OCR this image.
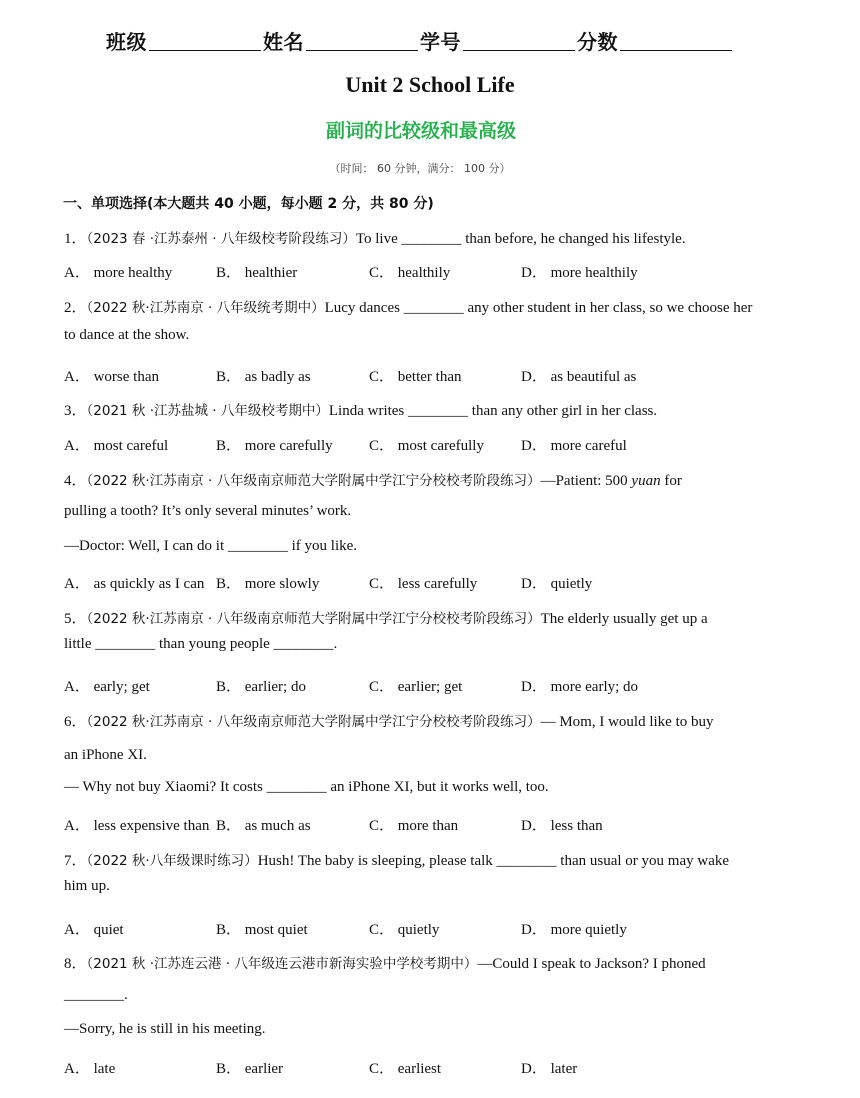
班级	姓名	学号	分数
Unit 2 School Life
副词的比较级和最高级
（时间： 60 分钟，满分： 100 分）
一、单项选择(本大题共 40 小题，每小题 2 分，共 80 分)
1．（2023 春 ·江苏泰州 · 八年级校考阶段练习）To live ________ than before, he changed his lifestyle.
A． more healthy	B． healthier	C． healthily	D． more healthily
2．（2022 秋·江苏南京 · 八年级统考期中）Lucy dances ________ any other student in her class, so we choose her
to dance at the show.
A． worse than	B． as badly as	C． better than	D． as beautiful as
3．（2021 秋 ·江苏盐城 · 八年级校考期中）Linda writes ________ than any other girl in her class.
A． most careful	B． more carefully C． most carefully D． more careful
4．（2022 秋·江苏南京 · 八年级南京师范大学附属中学江宁分校校考阶段练习）—Patient: 500 yuan for
pulling a tooth? It’s only several minutes’ work.
—Doctor: Well, I can do it ________ if you like.
A． as quickly as I can B． more slowly	C． less carefully	D． quietly
5．（2022 秋·江苏南京 · 八年级南京师范大学附属中学江宁分校校考阶段练习）The elderly usually get up a
little ________ than young people ________.
A． early; get	B． earlier; do	C． earlier; get	D． more early; do
6．（2022 秋·江苏南京 · 八年级南京师范大学附属中学江宁分校校考阶段练习）— Mom, I would like to buy
an iPhone XI.
— Why not buy Xiaomi? It costs ________ an iPhone XI, but it works well, too.
A． less expensive than B． as much as	C． more than	D． less than
7．（2022 秋·八年级课时练习）Hush! The baby is sleeping, please talk ________ than usual or you may wake
him up.
A． quiet	B． most quiet	C． quietly	D． more quietly
8．（2021 秋 ·江苏连云港 · 八年级连云港市新海实验中学校考期中）—Could I speak to Jackson? I phoned
________.
—Sorry, he is still in his meeting.
A． late	B． earlier	C． earliest	D． later
